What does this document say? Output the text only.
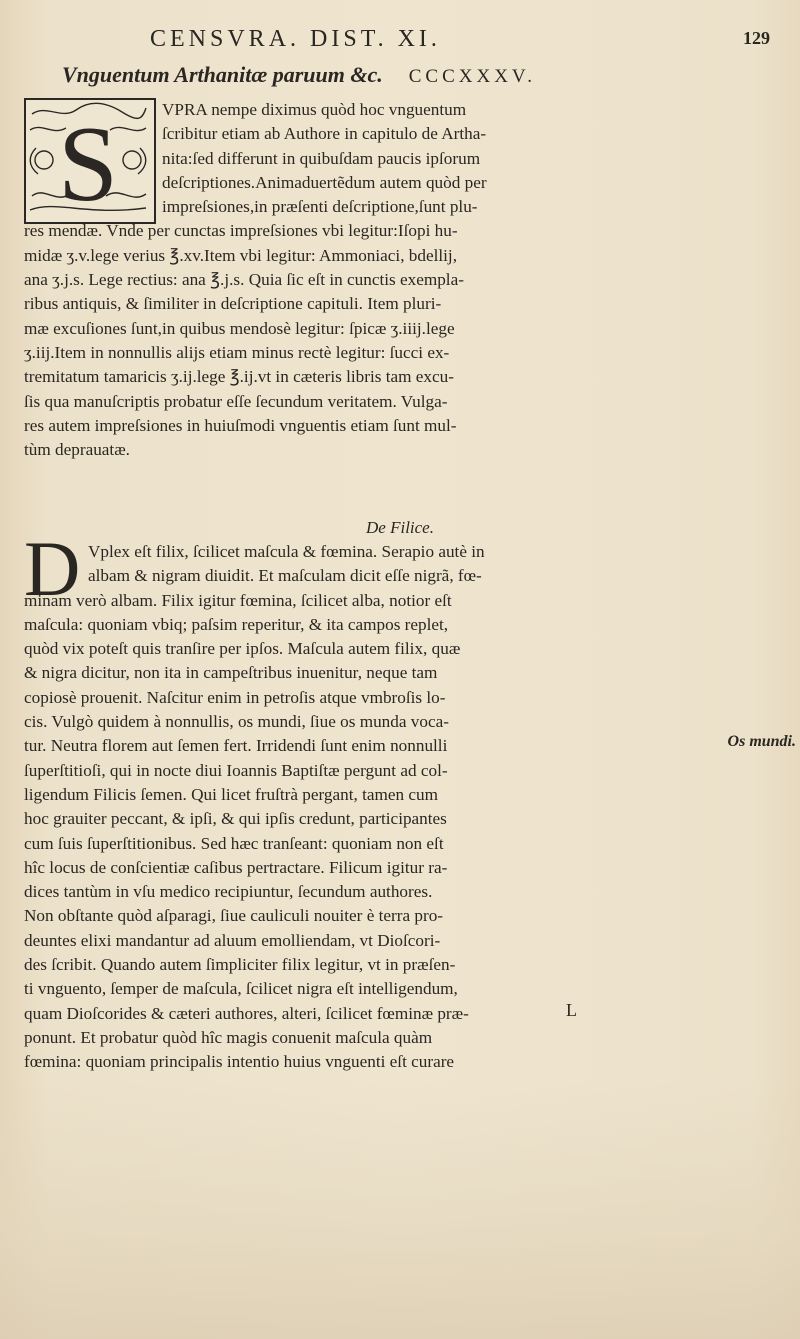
CENSVRA. DIST. XI.	129
Vnguentum Arthanitæ paruum &c. CCCXXXV.
S	VPRA nempe diximus quòd hoc vnguentum
ſcribitur etiam ab Authore in capitulo de Artha-
nita:ſed differunt in quibuſdam paucis ipſorum
deſcriptiones.Animaduertẽdum autem quòd per
impreſsiones,in præſenti deſcriptione,ſunt plu-
res mendæ. Vnde per cunctas impreſsiones vbi legitur:Iſopi hu-
midæ ʒ.v.lege verius ℥.xv.Item vbi legitur: Ammoniaci, bdellij,
ana ʒ.j.s. Lege rectius: ana ℥.j.s. Quia ſic eſt in cunctis exempla-
ribus antiquis, & ſimiliter in deſcriptione capituli. Item pluri-
mæ excuſiones ſunt,in quibus mendosè legitur: ſpicæ ʒ.iiij.lege
ʒ.iij.Item in nonnullis alijs etiam minus rectè legitur: ſucci ex-
tremitatum tamaricis ʒ.ij.lege ℥.ij.vt in cæteris libris tam excu-
ſis qua manuſcriptis probatur eſſe ſecundum veritatem. Vulga-
res autem impreſsiones in huiuſmodi vnguentis etiam ſunt mul-
tùm deprauatæ.
De Filice.
D Vplex eſt filix, ſcilicet maſcula & fœmina. Serapio autè in
albam & nigram diuidit. Et maſculam dicit eſſe nigrã, fœ-
minam verò albam. Filix igitur fœmina, ſcilicet alba, notior eſt
maſcula: quoniam vbiq; paſsim reperitur, & ita campos replet,
quòd vix poteſt quis tranſire per ipſos. Maſcula autem filix, quæ
& nigra dicitur, non ita in campeſtribus inuenitur, neque tam
copiosè prouenit. Naſcitur enim in petroſis atque vmbroſis lo-
cis. Vulgò quidem à nonnullis, os mundi, ſiue os munda voca-
tur. Neutra florem aut ſemen fert. Irridendi ſunt enim nonnulli
ſuperſtitioſi, qui in nocte diui Ioannis Baptiſtæ pergunt ad col-
ligendum Filicis ſemen. Qui licet fruſtrà pergant, tamen cum
hoc grauiter peccant, & ipſi, & qui ipſis credunt, participantes
cum ſuis ſuperſtitionibus. Sed hæc tranſeant: quoniam non eſt
hîc locus de conſcientiæ caſibus pertractare. Filicum igitur ra-
dices tantùm in vſu medico recipiuntur, ſecundum authores.
Non obſtante quòd aſparagi, ſiue cauliculi nouiter è terra pro-
deuntes elixi mandantur ad aluum emolliendam, vt Dioſcori-
des ſcribit. Quando autem ſimpliciter filix legitur, vt in præſen-
ti vnguento, ſemper de maſcula, ſcilicet nigra eſt intelligendum,
quam Dioſcorides & cæteri authores, alteri, ſcilicet fœminæ præ-
ponunt. Et probatur quòd hîc magis conuenit maſcula quàm
fœmina: quoniam principalis intentio huius vnguenti eſt curare
Os mundi.
L
